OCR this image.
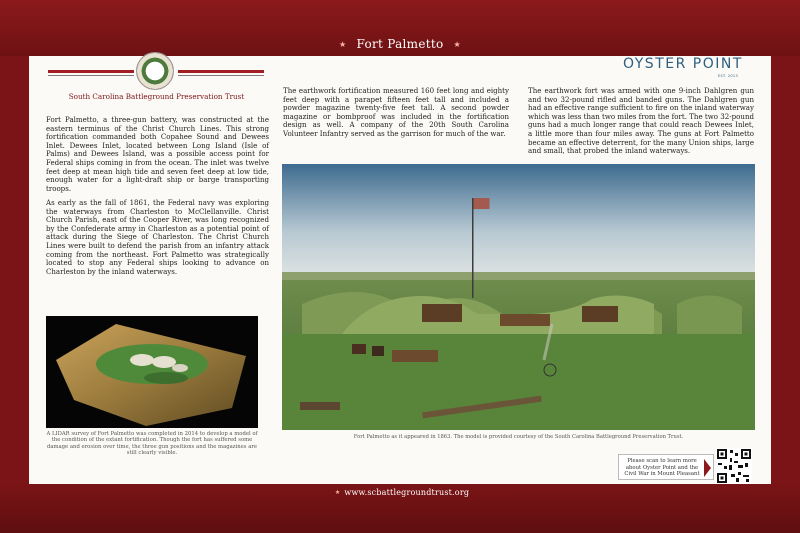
★ Fort Palmetto ★
South Carolina Battleground Preservation Trust
OYSTER POINT
EST. 2013
Fort Palmetto, a three-gun battery, was constructed at the eastern terminus of the Christ Church Lines. This strong fortification commanded both Copahee Sound and Dewees Inlet. Dewees Inlet, located between Long Island (Isle of Palms) and Dewees Island, was a possible access point for Federal ships coming in from the ocean. The inlet was twelve feet deep at mean high tide and seven feet deep at low tide, enough water for a light-draft ship or barge transporting troops.
As early as the fall of 1861, the Federal navy was exploring the waterways from Charleston to McClellanville. Christ Church Parish, east of the Cooper River, was long recognized by the Confederate army in Charleston as a potential point of attack during the Siege of Charleston. The Christ Church Lines were built to defend the parish from an infantry attack coming from the northeast. Fort Palmetto was strategically located to stop any Federal ships looking to advance on Charleston by the inland waterways.
The earthwork fortification measured 160 feet long and eighty feet deep with a parapet fifteen feet tall and included a powder magazine twenty-five feet tall. A second powder magazine or bombproof was included in the fortification design as well. A company of the 20th South Carolina Volunteer Infantry served as the garrison for much of the war.
The earthwork fort was armed with one 9-inch Dahlgren gun and two 32-pound rifled and banded guns. The Dahlgren gun had an effective range sufficient to fire on the inland waterway which was less than two miles from the fort. The two 32-pound guns had a much longer range that could reach Dewees Inlet, a little more than four miles away. The guns at Fort Palmetto became an effective deterrent, for the many Union ships, large and small, that probed the inland waterways.
A LIDAR survey of Fort Palmetto was completed in 2014 to develop a model of the condition of the extant fortification. Though the fort has suffered some damage and erosion over time, the three gun positions and the magazines are still clearly visible.
Fort Palmetto as it appeared in 1863. The model is provided courtesy of the South Carolina Battleground Preservation Trust.
★ www.scbattlegroundtrust.org
Please scan to learn more about Oyster Point and the Civil War in Mount Pleasant
